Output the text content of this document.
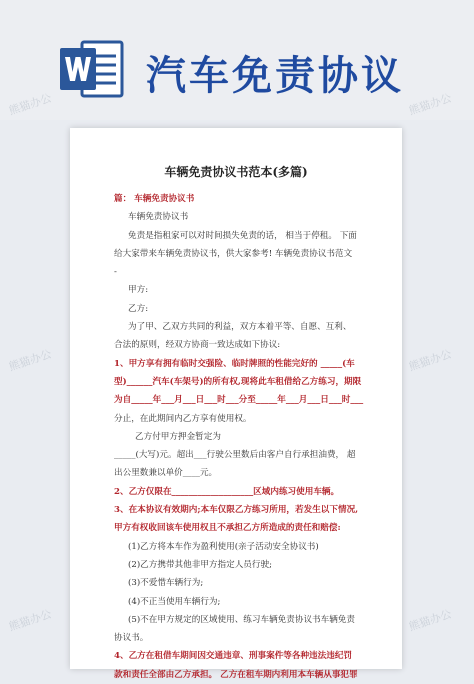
汽车免责协议
熊猫办公	熊猫办公
熊猫办公	熊猫办公
熊猫办公	熊猫办公
车辆免责协议书范本(多篇)
篇： 车辆免责协议书
车辆免责协议书
免责是指租家可以对时间损失免责的话， 相当于停租。 下面
给大家带来车辆免责协议书，供大家参考! 车辆免责协议书范文
-
甲方:
乙方:
为了甲、乙双方共同的利益，双方本着平等、自愿、互利、
合法的原则，经双方协商一致达成如下协议:
1、甲方享有拥有临时交强险、临时牌照的性能完好的 _____(车
型)______汽车(车架号)的所有权,现将此车租借给乙方练习，期限
为自_____年___月___日___时___分至_____年___月___日___时___
分止，在此期间内乙方享有使用权。
乙方付甲方押金暂定为
_____(大写)元。超出___行驶公里数后由客户自行承担油费， 超
出公里数兼以单价____元。
2、乙方仅限在___________________区域内练习使用车辆。
3、在本协议有效期内;本车仅限乙方练习所用，若发生以下情况,
甲方有权收回该车使用权且不承担乙方所造成的责任和赔偿:
(1)乙方将本车作为盈利使用(亲子活动安全协议书)
(2)乙方携带其他非甲方指定人员行驶;
(3)不爱惜车辆行为;
(4)不正当使用车辆行为;
(5)不在甲方规定的区域使用、练习车辆免责协议书车辆免责
协议书。
4、乙方在租借车期间因交通违章、刑事案件等各种违法违纪罚
款和责任全部由乙方承担。 乙方在租车期内利用本车辆从事犯罪
